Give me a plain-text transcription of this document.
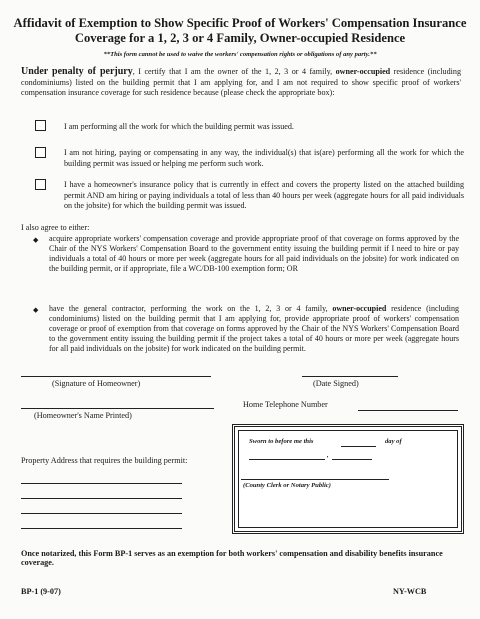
Affidavit of Exemption to Show Specific Proof of Workers' Compensation Insurance
Coverage for a 1, 2, 3 or 4 Family, Owner-occupied Residence
**This form cannot be used to waive the workers' compensation rights or obligations of any party.**
Under penalty of perjury, I certify that I am the owner of the 1, 2, 3 or 4 family, owner-occupied residence (including condominiums) listed on the building permit that I am applying for, and I am not required to show specific proof of workers' compensation insurance coverage for such residence because (please check the appropriate box):
I am performing all the work for which the building permit was issued.
I am not hiring, paying or compensating in any way, the individual(s) that is(are) performing all the work for which the building permit was issued or helping me perform such work.
I have a homeowner's insurance policy that is currently in effect and covers the property listed on the attached building permit AND am hiring or paying individuals a total of less than 40 hours per week (aggregate hours for all paid individuals on the jobsite) for which the building permit was issued.
I also agree to either:
◆ acquire appropriate workers' compensation coverage and provide appropriate proof of that coverage on forms approved by the Chair of the NYS Workers' Compensation Board to the government entity issuing the building permit if I need to hire or pay individuals a total of 40 hours or more per week (aggregate hours for all paid individuals on the jobsite) for work indicated on the building permit, or if appropriate, file a WC/DB-100 exemption form; OR
◆ have the general contractor, performing the work on the 1, 2, 3 or 4 family, owner-occupied residence (including condominiums) listed on the building permit that I am applying for, provide appropriate proof of workers' compensation coverage or proof of exemption from that coverage on forms approved by the Chair of the NYS Workers' Compensation Board to the government entity issuing the building permit if the project takes a total of 40 hours or more per week (aggregate hours for all paid individuals on the jobsite) for work indicated on the building permit.
(Signature of Homeowner)	(Date Signed)
Home Telephone Number
(Homeowner's Name Printed)
Sworn to before me this	day of
,
(County Clerk or Notary Public)
Property Address that requires the building permit:
Once notarized, this Form BP-1 serves as an exemption for both workers' compensation and disability benefits insurance coverage.
BP-1 (9-07)	NY-WCB
